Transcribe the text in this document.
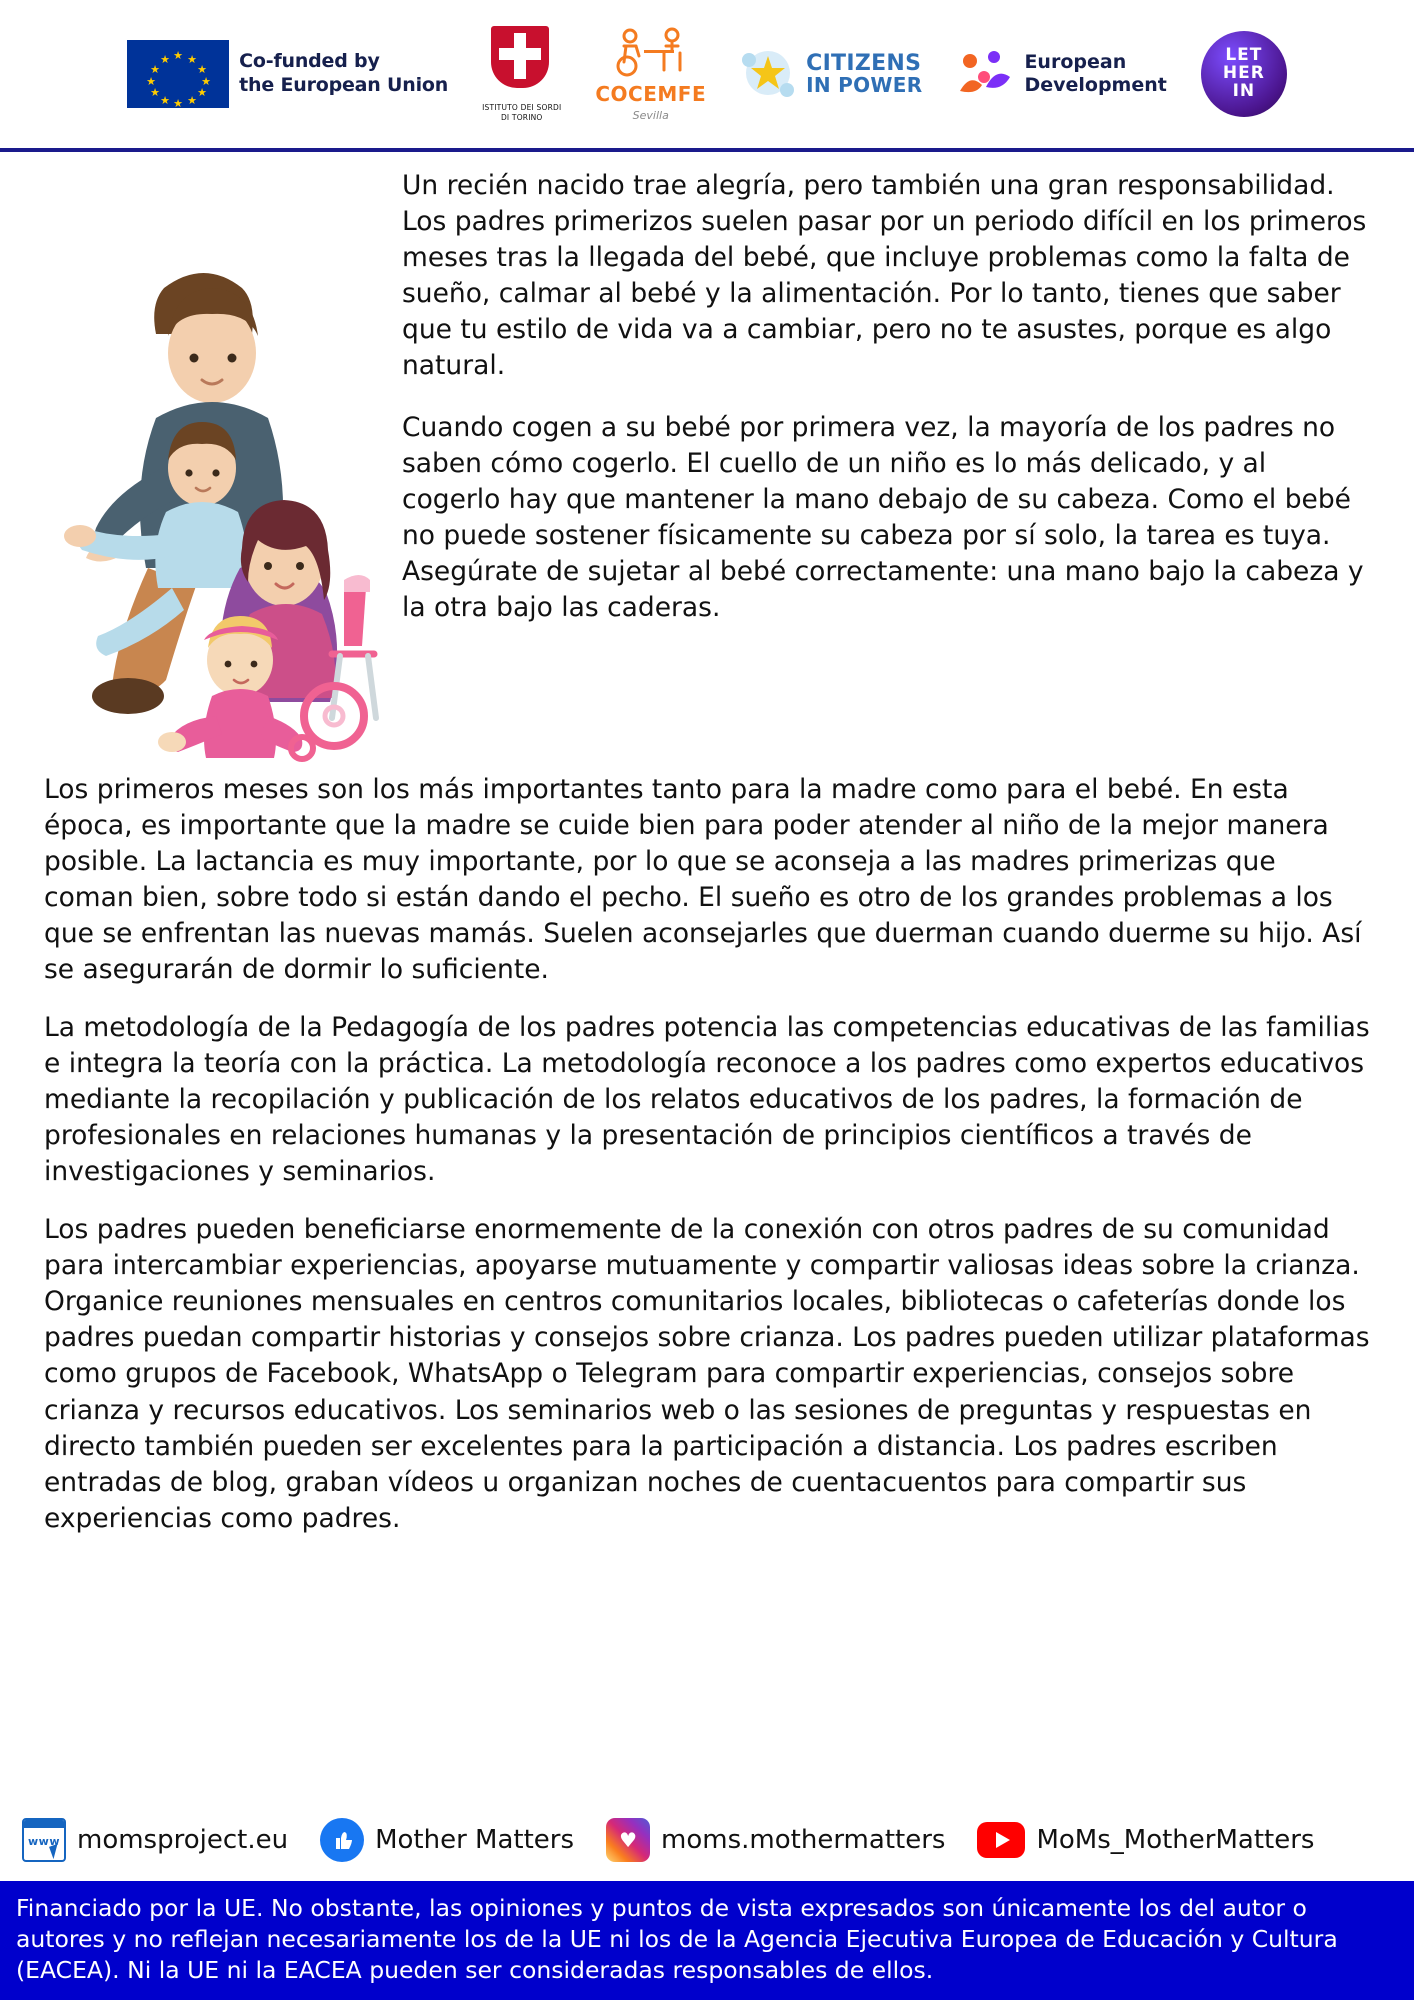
★ ★
★
★
★
★
★
★
★
★
★
★	Co-funded by
the European Union
ISTITUTO DEI SORDI
DI TORINO
COCEMFE
Sevilla
CITIZENS
IN POWER
European
Development
LET
HER
IN

Un recién nacido trae alegría, pero también una gran responsabilidad. Los padres primerizos suelen pasar por un periodo difícil en los primeros meses tras la llegada del bebé, que incluye problemas como la falta de sueño, calmar al bebé y la alimentación. Por lo tanto, tienes que saber que tu estilo de vida va a cambiar, pero no te asustes, porque es algo natural.

Cuando cogen a su bebé por primera vez, la mayoría de los padres no saben cómo cogerlo. El cuello de un niño es lo más delicado, y al cogerlo hay que mantener la mano debajo de su cabeza. Como el bebé no puede sostener físicamente su cabeza por sí solo, la tarea es tuya. Asegúrate de sujetar al bebé correctamente: una mano bajo la cabeza y la otra bajo las caderas.

Los primeros meses son los más importantes tanto para la madre como para el bebé. En esta época, es importante que la madre se cuide bien para poder atender al niño de la mejor manera posible. La lactancia es muy importante, por lo que se aconseja a las madres primerizas que coman bien, sobre todo si están dando el pecho. El sueño es otro de los grandes problemas a los que se enfrentan las nuevas mamás. Suelen aconsejarles que duerman cuando duerme su hijo. Así se asegurarán de dormir lo suficiente.

La metodología de la Pedagogía de los padres potencia las competencias educativas de las familias e integra la teoría con la práctica. La metodología reconoce a los padres como expertos educativos mediante la recopilación y publicación de los relatos educativos de los padres, la formación de profesionales en relaciones humanas y la presentación de principios científicos a través de investigaciones y seminarios.

Los padres pueden beneficiarse enormemente de la conexión con otros padres de su comunidad para intercambiar experiencias, apoyarse mutuamente y compartir valiosas ideas sobre la crianza. Organice reuniones mensuales en centros comunitarios locales, bibliotecas o cafeterías donde los padres puedan compartir historias y consejos sobre crianza. Los padres pueden utilizar plataformas como grupos de Facebook, WhatsApp o Telegram para compartir experiencias, consejos sobre crianza y recursos educativos. Los seminarios web o las sesiones de preguntas y respuestas en directo también pueden ser excelentes para la participación a distancia. Los padres escriben entradas de blog, graban vídeos u organizan noches de cuentacuentos para compartir sus experiencias como padres.

www momsproject.eu	Mother Matters ♥ moms.mothermatters	MoMs_MotherMatters
Financiado por la UE. No obstante, las opiniones y puntos de vista expresados son únicamente los del autor o autores y no reflejan necesariamente los de la UE ni los de la Agencia Ejecutiva Europea de Educación y Cultura (EACEA). Ni la UE ni la EACEA pueden ser consideradas responsables de ellos.
